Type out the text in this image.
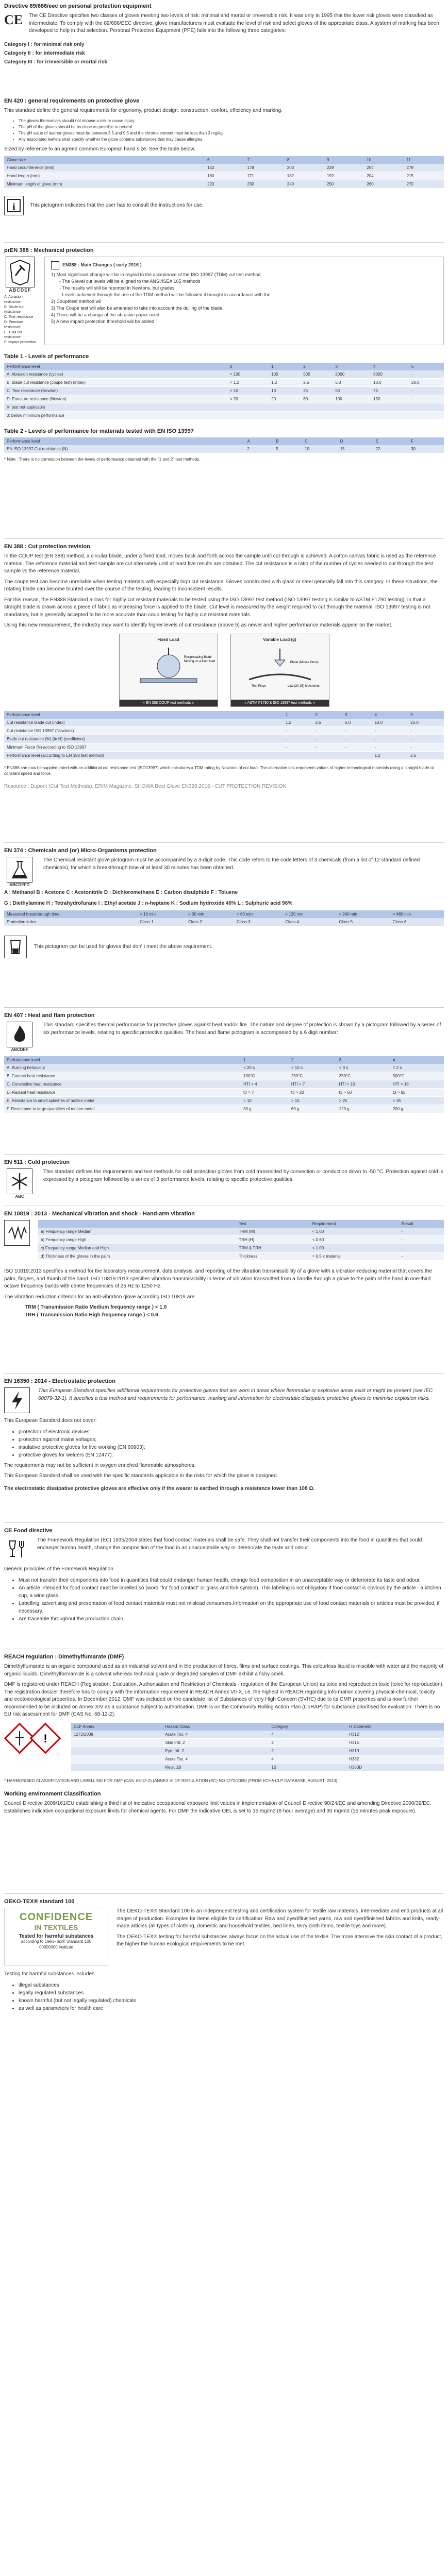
Directive 89/686/eec on personal protection equipment
CE	The CE Directive specifies two classes of gloves meeting two levels of risk: minimal and mortal or irreversible risk. It was only in 1995 that the lower risk gloves were classified as intermediate. To comply with the 89/686/EEC directive, glove manufacturers must evaluate the level of risk and select gloves of the appropriate class. A system of marking has been developed to help in that selection. Personal Protective Equipment (PPE) falls into the following three categories:

Category I : for minimal risk only
Category II : for intermediate risk
Category III : for irreversible or mortal risk
EN 420 : general requirements on protective glove

This standard define the general requirements for ergonomy, product design, construction, confort, efficiency and marking.

• The gloves themselves should not impose a risk or cause injury.
• The pH of the gloves should be as close as possible to neutral.
• The pH value of leather gloves must be between 3.5 and 9.5 and the chrome content must be less than 3 mg/kg.
• Any associated leaflets shall specify whether the glove contains substances that may cause allergies.

Sized by reference to an agreed common European hand size. See the table below.

Glove size	6	7	8	9	10	11
Hand circumference (mm)	152	178	203	229	254	279
Hand length (mm)	160	171	182	192	204	215
Minimum length of glove (mm)	220	230	240	250	260	270
i	This pictogram indicates that the user has to consult the instructions for use.

prEN 388 : Mechanical protection
ABCDEF
A: Abrasion resistance
B: Blade cut resistance
C: Tear resistance
D: Puncture resistance
E: TDM cut resistance
F: Impact protection
EN388 : Main Changes ( early 2016 )
1) Most significant change will be in regard to the acceptance of the ISO 13997 (TDM) cut test method
- The 6 level cut levels will be aligned to the ANSI/ISEA 105 methods
- The results will still be reported in Newtons, but grades
- Levels achieved through the use of the TDM method will be followed if brought in accordance with the
2) Coupétest method wil
3) The Coupé test will also be amended to take into account the dulling of the blade.
4) There will be a change of the abrasive paper used
5) A new impact protection threshold will be added
Table 1 - Levels of performance
Performance level	0	1	2	3	4	5
A. Abrasion resistance (cycles)	< 100	100	500	2000	8000	-
B. Blade cut resistance (coupé test) (index)	< 1.2	1.2	2.5	5.0	10.0	20.0
C. Tear resistance (Newton)	< 10	10	25	50	75	-
D. Puncture resistance (Newton)	< 20	20	60	100	150	-
X: test not applicable						
0: below minimum performance						
Table 2 - Levels of performance for materials tested with EN ISO 13997
Performance level	A	B	C	D	E	F
EN ISO 13997 Cut resistance (N)	2	5	10	15	22	30

* Note : There is no correlation between the levels of performance obtained with the "1 and 2" test methods.

EN 388 : Cut protection revision

In the COUP test (EN 388) method, a circular blade, under a fixed load, moves back and forth across the sample until cut-through is achieved. A cotton canvas fabric is used as the reference material. The reference material and test sample are cut alternately until at least five results are obtained. The cut resistance is a ratio of the number of cycles needed to cut through the test sample vs the reference material.

The coupe test can become unreliable when testing materials with especially high cut resistance. Gloves constructed with glass or steel generally fall into this category. In these situations, the rotating blade can become blunted over the course of the testing, leading to inconsistent results.

For this reason, the EN388 Standard allows for highly cut resistant materials to be tested using the ISO 13997 test method (ISO 13997 testing is similar to ASTM F1790 testing), in that a straight blade is drawn across a piece of fabric as increasing force is applied to the blade. Cut level is measured by the weight required to cut through the material. ISO 13997 testing is not mandatory, but is generally accepted to be more accurate than coup testing for highly cut resistant materials.

Using this new measurement, the industry may want to identify higher levels of cut resistance (above 5) as newer and higher performance materials appear on the market.

Fixed Load
Reciprocating Blade
Moving on a fixed load
» EN 388 COUP test methods «
Variable Load (g)
Blade (Moves Once)
Test Piece	Low (20-25) Movement
» ASTM F1790 & ISO 13997 test methods «
Performance level	1	2	3	4	5
Cut resistance blade cut (index)	1.2	2.5	5.0	10.0	20.0
Cut resistance ISO 13997 (Newtons)	-	-	-	-	-
Blade cut resistance (%) (in N) (coefficient)	-	-	-	-	-
Minimum Force (N) according to ISO 13997	-	-	-	-	-
Performance level (according to EN 388 test method)				1.2	2.5

* EN388 can now be supplemented with an additional cut resistance test (ISO13997) which calculates a TDM rating by Newtons of cut load. The alternative test represents values of higher technological materials using a straight blade at constant speed and force.

Resource : Dupont (Cut Test Methods), ERIM Magazine, SHOWA Best Glove EN388:2016 - CUT PROTECTION REVISION

EN 374 : Chemicals and (or) Micro-Organisms protection
ABCDEFG

The Chemical resistant glove pictogram must be accompanied by a 3-digit code. This code refers to the code letters of 3 chemicals (from a list of 12 standard defined chemicals), for which a breakthrough time of at least 30 minutes has been obtained.

A : Methanol B : Acetone C : Acetonitrile D : Dichloromethane E : Carbon disulphide F : Toluene

G : Diethylamine H : Tetrahydrofurane I : Ethyl acetate J : n-heptane K : Sodium hydroxide 40% L : Sulphuric acid 96%

Measured breakthrough time	> 10 min	> 30 min	> 60 min	> 120 min	> 240 min	> 480 min
Protection index	Class 1	Class 2	Class 3	Class 4	Class 5	Class 6

This pictogram can be used for gloves that don' t meet the above requirement.

EN 407 : Heat and flam protection
ABCDEF

This standard specifies thermal performance for protective gloves against heat and/or fire. The nature and degree of protection is shown by a pictogram followed by a series of six performance levels, relating to specific protective qualities. The heat and flame pictogram is accompanied by a 6 digit number:

Performance level	1	2	3	4
A. Burning behaviour	< 20 s	< 10 s	< 3 s	< 2 s
B. Contact heat resistance	100°C	250°C	350°C	500°C
C. Convective heat resistance	HTI > 4	HTI > 7	HTI > 10	HTI > 18
D. Radiant heat resistance	t3 > 7	t3 > 20	t3 > 50	t3 > 95
E. Resistance to small splashes of molten metal	> 10	> 15	> 25	> 35
F. Resistance to large quantities of molten metal	30 g	60 g	120 g	200 g
EN 511 : Cold protection
ABC

This standard defines the requirements and test methods for cold protection gloves from cold transmitted by convection or conduction down to -50 °C. Protection against cold is expressed by a pictogram followed by a series of 3 performance levels, relating to specific protective qualities.

EN 10819 : 2013 - Mechanical vibration and shock - Hand-arm vibration
	Test	Requirement	Result
a) Frequency range Median	TRM (M)	< 1.00	-
b) Frequency range High	TRH (H)	< 0.60	-
c) Frequency range Median and High	TRM & TRH	< 1.00	-
d) Thickness of the gloves in the palm	Thickness	> 0.5 x material	-

ISO 10819:2013 specifies a method for the laboratory measurement, data analysis, and reporting of the vibration transmissibility of a glove with a vibration-reducing material that covers the palm, fingers, and thumb of the hand. ISO 10819:2013 specifies vibration transmissibility in terms of vibration transmitted from a handle through a glove to the palm of the hand in one-third octave frequency bands with centre frequencies of 25 Hz to 1250 Hz.

The vibration reduction criterion for an anti-vibration glove according ISO 10819 are:

TRM ( Transmission Ratio Medium frequency range ) < 1.0

TRH ( Transmission Ratio High frequency range ) < 0.6

EN 16350 : 2014 - Electrostatic protection

This European Standard specifies additional requirements for protective gloves that are worn in areas where flammable or explosive areas exist or might be present (see IEC 60079-32-1). It specifies a test method and requirements for performance, marking and information for electrostatic dissipative protective gloves to minimise explosion risks.

This European Standard does not cover:

• protection of electronic devices;
• protection against mains voltages;
• insulative protective gloves for live working (EN 60903);
• protective gloves for welders (EN 12477).

The requirements may not be sufficient in oxygen enriched flammable atmospheres.

This European Standard shall be used with the specific standards applicable to the risks for which the glove is designed.

The electrostatic dissipative protective gloves are effective only if the wearer is earthed through a resistance lower than 108 Ω.

CE Food directive

The Framework Regulation (EC) 1935/2004 states that food contact materials shall be safe. They shall not transfer their components into the food in quantities that could endanger human health, change the composition of the food in an unacceptable way or deteriorate the taste and odour.

General principles of the Framework Regulation

• Must not transfer their components into food in quantities that could endanger human health, change food composition in an unacceptable way or deteriorate its taste and odour.
• An article intended for food contact must be labelled so (word "for food contact" or glass and fork symbol). This labeling is not obligatory if food contact is obvious by the article - a kitchen cup, a wine glass.
• Labelling, advertising and presentation of food contact materials must not mislead consumers.Information on the appropriate use of food contact materials or articles must be provided, if necessary.
• Are traceable throughout the production chain.
REACH regulation : Dimethylfumarate (DMF)

Dimethylfumarate is an organic compound used as an industrial solvent and in the production of fibres, films and surface coatings. This colourless liquid is miscible with water and the majority of organic liquids. Dimethylformamide is a solvent whereas technical grade or degraded samples of DMF exhibit a fishy smell.

DMF is registered under REACH (Registration, Evaluation, Authorisation and Restriction of Chemicals - regulation of the European Union) as toxic and reproduction toxic (toxic for reproduction). The registration dossier therefore has to comply with the information requirement in REACH Annex VII-X, i.e. the highest in REACH regarding information covering physical-chemical, toxicity and ecotoxicological properties. In December 2012, DMF was included on the candidate list of Substances of very High Concern (SVHC) due to its CMR properties and is now further recommended to be included on Annex XIV as a substance subject to authorisation. DMF is on the Community Rolling Action Plan (CoRAP) for substance prioritised for evaluation. There is no EU risk assessment for DMF (CAS No. 68-12-2).

!
CLP Annex	Hazard Class	Category	H statement
1272/2008	Acute Tox. 4	4	H312
	Skin Irrit. 2	2	H315
	Eye Irrit. 2	2	H319
	Acute Tox. 4	4	H332
	Repr. 1B	1B	H360D

* HARMONISED CLASSIFICATION AND LABELLING FOR DMF (CAS: 68-12-2) (ANNEX VI OF REGULATION (EC) NO 1272/2008) (FROM ECHA CLP DATABASE, AUGUST, 2013)

Working environment Classification

Council Directive 2009/161/EU establishing a third list of indicative occupational exposure limit values in implementation of Council Directive 98/24/EC and amending Directive 2000/39/EC.
Establishes indicative occupational exposure limits for chemical agents. For DMF the indicative OEL is set to 15 mg/m3 (8 hour average) and 30 mg/m3 (15 minutes peak exposure).

OEKO-TEX® standard 100
CONFIDENCE
IN TEXTILES
Tested for harmful substances
according to Oeko-Tex® Standard 100
00000000 Institute

The OEKO-TEX® Standard 100 is an independent testing and certification system for textile raw materials, intermediate and end products at all stages of production. Examples for items eligible for certification: Raw and dyed/finished yarns, raw and dyed/finished fabrics and knits, ready-made articles (all types of clothing, domestic and household textiles, bed linen, terry cloth items, textile toys and more).

The OEKO-TEX® testing for harmful substances always focus on the actual use of the textile. The more intensive the skin contact of a product, the higher the human ecological requirements to be met.

Testing for harmful substances includes:

• illegal substances
• legally regulated substances
• known harmful (but not legally regulated) chemicals
• as well as parameters for health care
